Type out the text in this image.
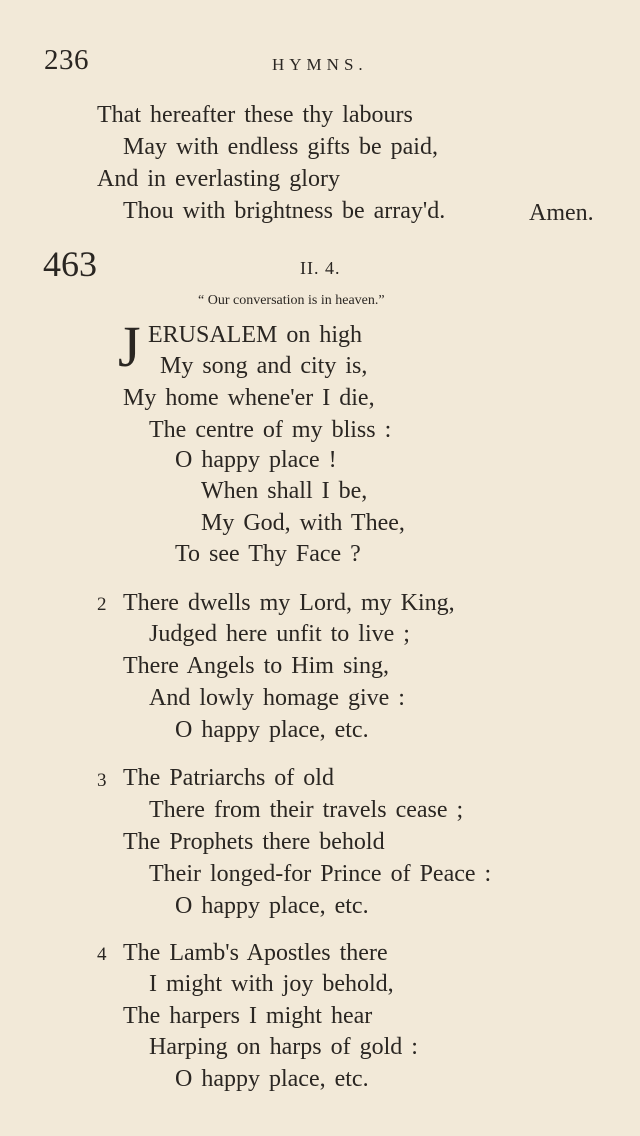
236	HYMNS.
That hereafter these thy labours
May with endless gifts be paid,
And in everlasting glory
Thou with brightness be array'd.	Amen.
463	II. 4.
“ Our conversation is in heaven.”
J ERUSALEM on high
My song and city is,
My home whene'er I die,
The centre of my bliss :
O happy place !
When shall I be,
My God, with Thee,
To see Thy Face ?
2 There dwells my Lord, my King,
Judged here unfit to live ;
There Angels to Him sing,
And lowly homage give :
O happy place, etc.
3 The Patriarchs of old
There from their travels cease ;
The Prophets there behold
Their longed-for Prince of Peace :
O happy place, etc.
4 The Lamb's Apostles there
I might with joy behold,
The harpers I might hear
Harping on harps of gold :
O happy place, etc.
